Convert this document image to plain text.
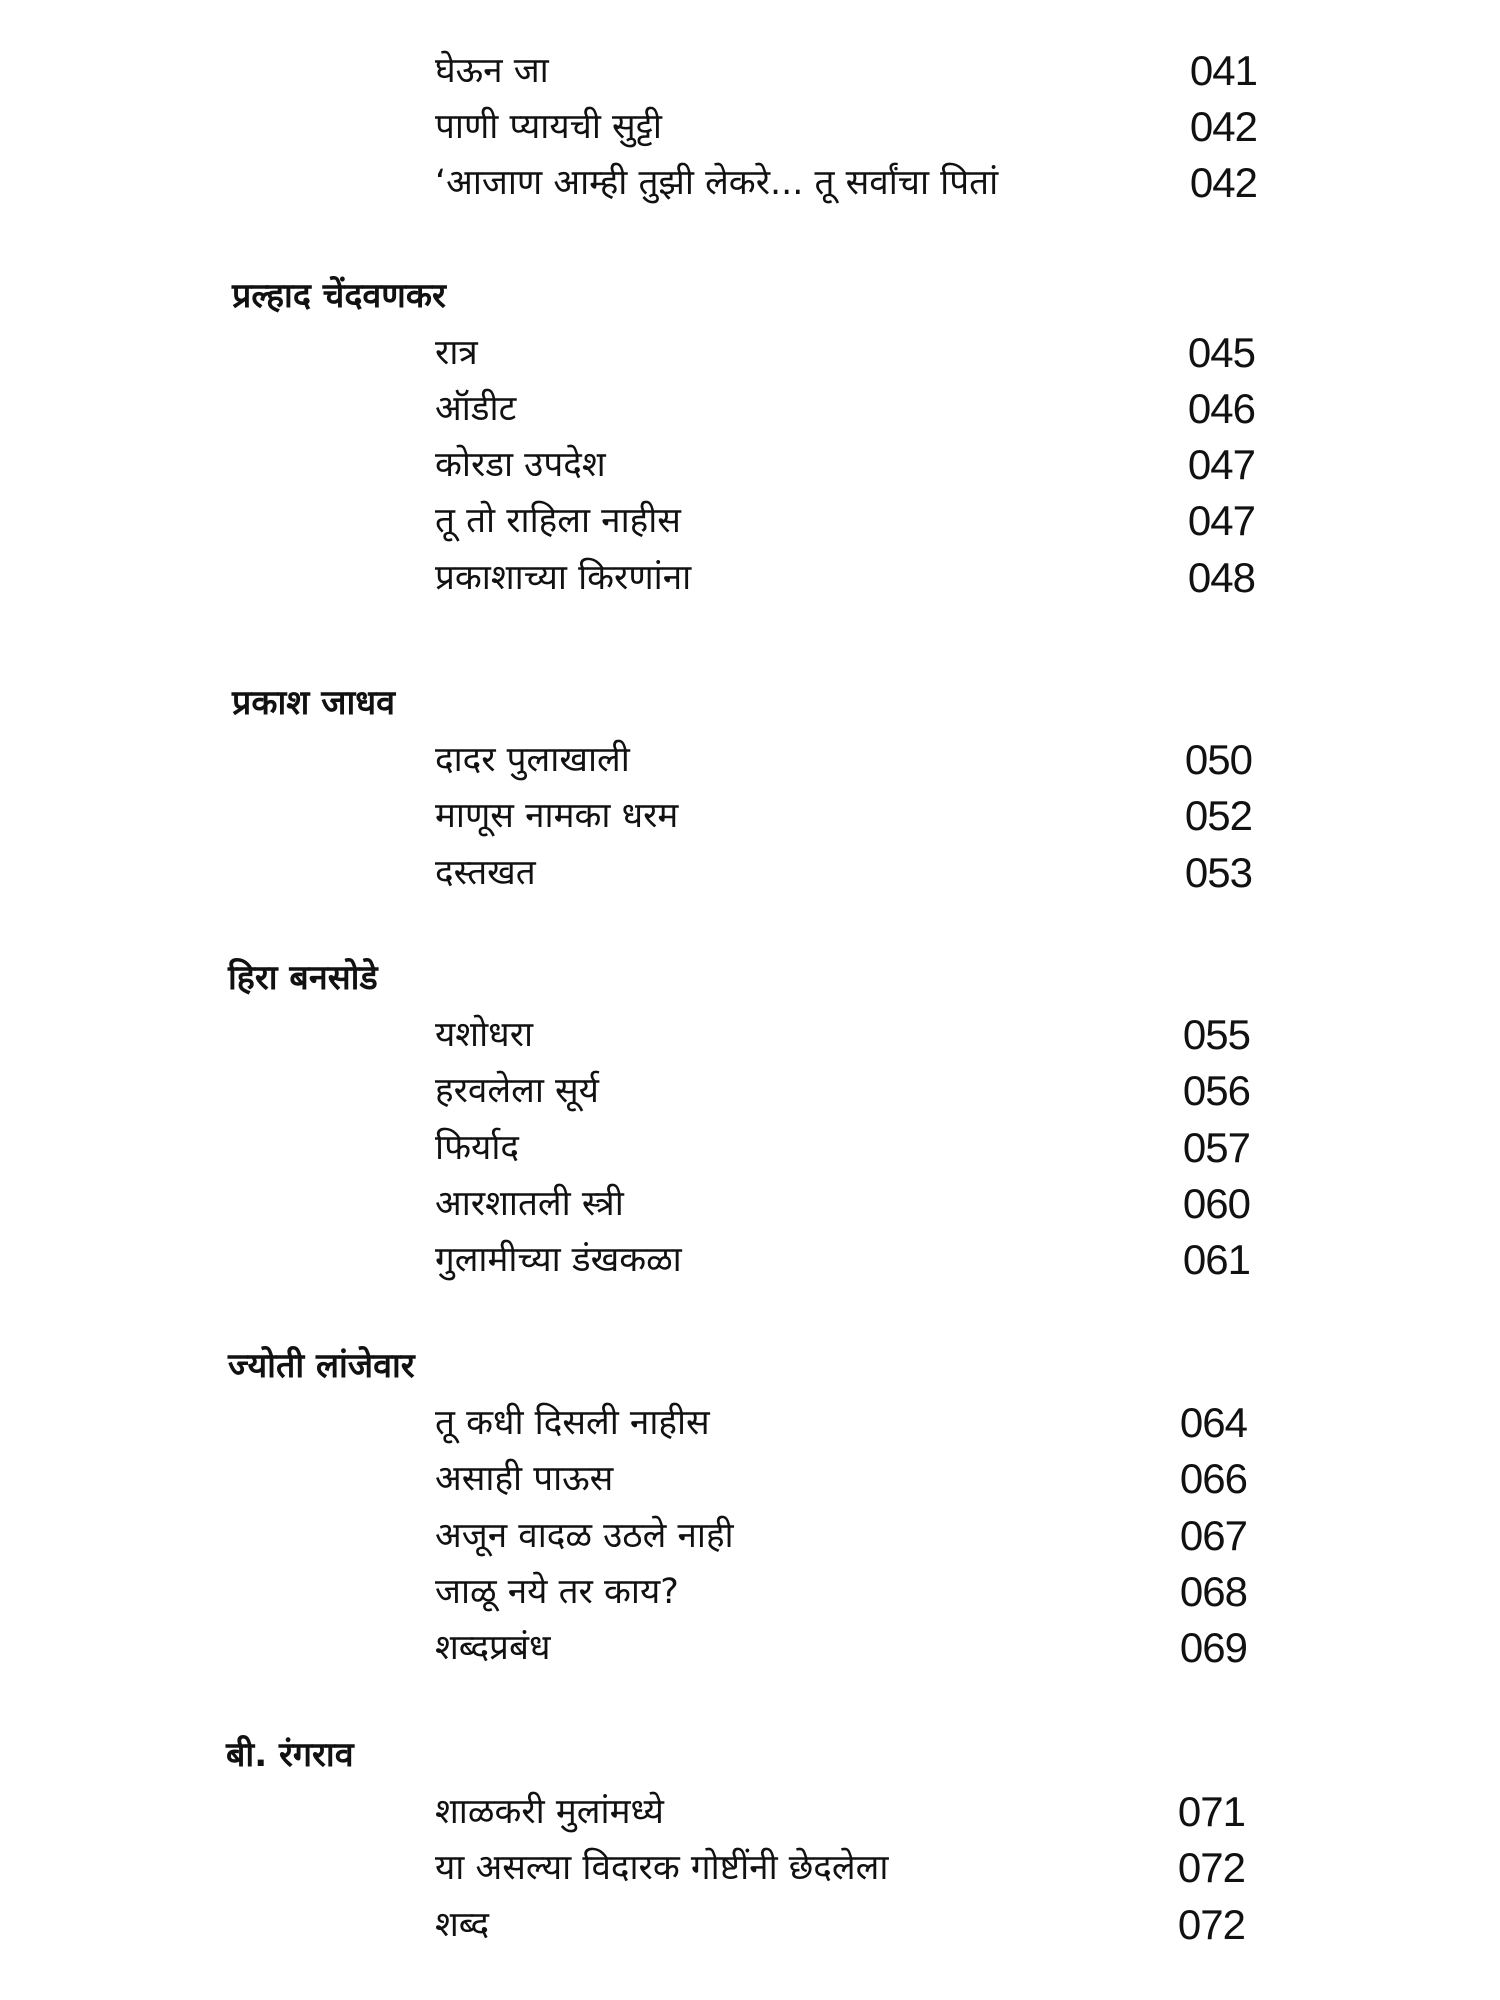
घेऊन जा	041
पाणी प्यायची सुट्टी	042
‘आजाण आम्ही तुझी लेकरे... तू सर्वांचा पितां	042
प्रल्हाद चेंदवणकर
रात्र	045
ऑडीट	046
कोरडा उपदेश	047
तू तो राहिला नाहीस	047
प्रकाशाच्या किरणांना	048
प्रकाश जाधव
दादर पुलाखाली	050
माणूस नामका धरम	052
दस्तखत	053
हिरा बनसोडे
यशोधरा	055
हरवलेला सूर्य	056
फिर्याद	057
आरशातली स्त्री	060
गुलामीच्या डंखकळा	061
ज्योती लांजेवार
तू कधी दिसली नाहीस	064
असाही पाऊस	066
अजून वादळ उठले नाही	067
जाळू नये तर काय?	068
शब्दप्रबंध	069
बी. रंगराव
शाळकरी मुलांमध्ये	071
या असल्या विदारक गोष्टींनी छेदलेला	072
शब्द	072
